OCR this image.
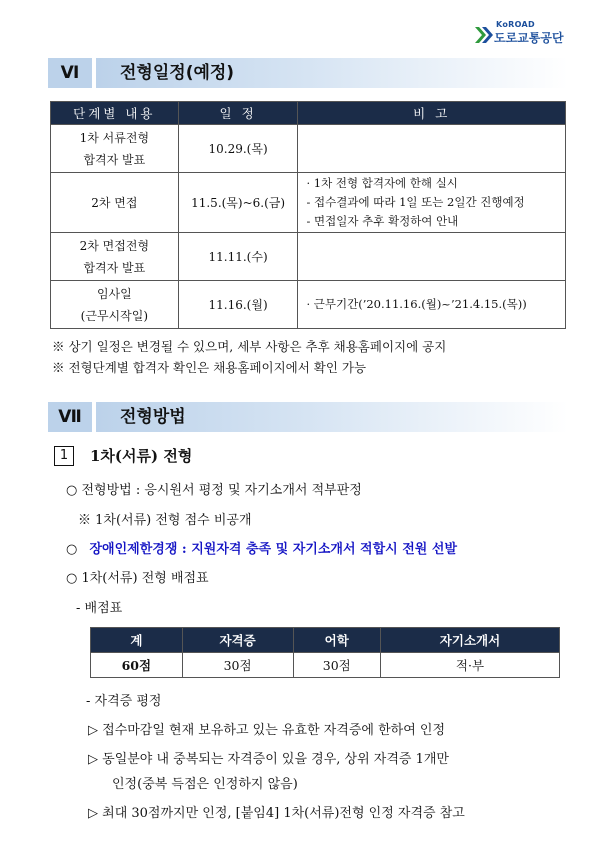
KoROAD
도로교통공단
Ⅵ	전형일정(예정)
단계별 내용	일 정	비 고

1차 서류전형
합격자 발표	10.29.(목)	

2차 면접	11.5.(목)~6.(금)	· 1차 전형 합격자에 한해 실시
- 접수결과에 따라 1일 또는 2일간 진행예정
- 면접일자 추후 확정하여 안내

2차 면접전형
합격자 발표	11.11.(수)	

임사일
(근무시작일)	11.16.(월)	· 근무기간(’20.11.16.(월)~’21.4.15.(목))
※ 상기 일정은 변경될 수 있으며, 세부 사항은 추후 채용홈페이지에 공지
※ 전형단계별 합격자 확인은 채용홈페이지에서 확인 가능
Ⅶ	전형방법
1	1차(서류) 전형
○ 전형방법 : 응시원서 평정 및 자기소개서 적부판정
※ 1차(서류) 전형 점수 비공개
○ 장애인제한경쟁 : 지원자격 충족 및 자기소개서 적합시 전원 선발
○ 1차(서류) 전형 배점표
- 배점표
계	자격증	어학	자기소개서
60점	30점	30점	적·부
- 자격증 평정
▷ 접수마감일 현재 보유하고 있는 유효한 자격증에 한하여 인정
▷ 동일분야 내 중복되는 자격증이 있을 경우, 상위 자격증 1개만
인정(중복 득점은 인정하지 않음)
▷ 최대 30점까지만 인정, [붙임4] 1차(서류)전형 인정 자격증 참고
